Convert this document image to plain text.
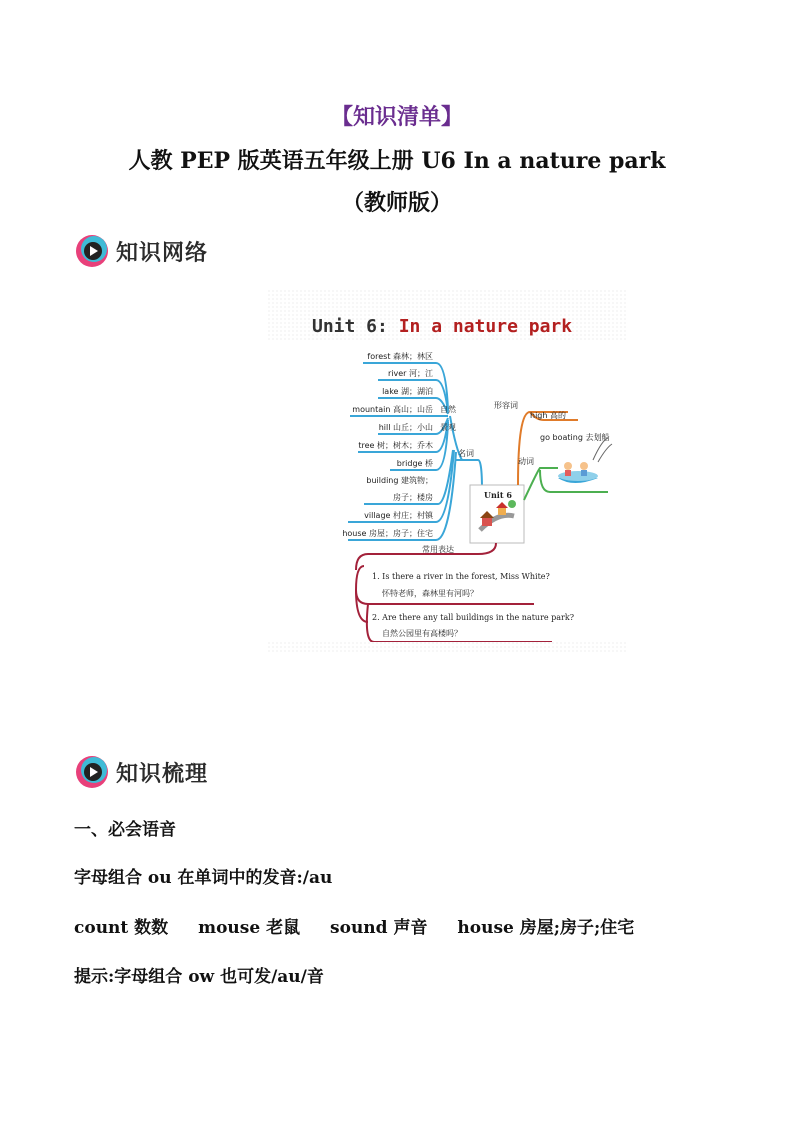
【知识清单】
人教 PEP 版英语五年级上册 U6 In a nature park
（教师版）
知识网络
Unit 6: In a nature park
forest 森林；林区
river 河；江
lake 湖；湖泊
mountain 高山；山岳
hill 山丘；小山
tree 树；树木；乔木
bridge 桥
building 建筑物；
房子；楼房
village 村庄；村镇
house 房屋；房子；住宅
自然
景观
名词
Unit 6
形容词
high 高的
动词
go boating 去划船
常用表达
1. Is there a river in the forest, Miss White?
怀特老师，森林里有河吗？
2. Are there any tall buildings in the nature park?
自然公园里有高楼吗？
知识梳理
一、必会语音
字母组合 ou 在单词中的发音:/au
count 数数 mouse 老鼠 sound 声音 house 房屋;房子;住宅
提示:字母组合 ow 也可发/au/音
